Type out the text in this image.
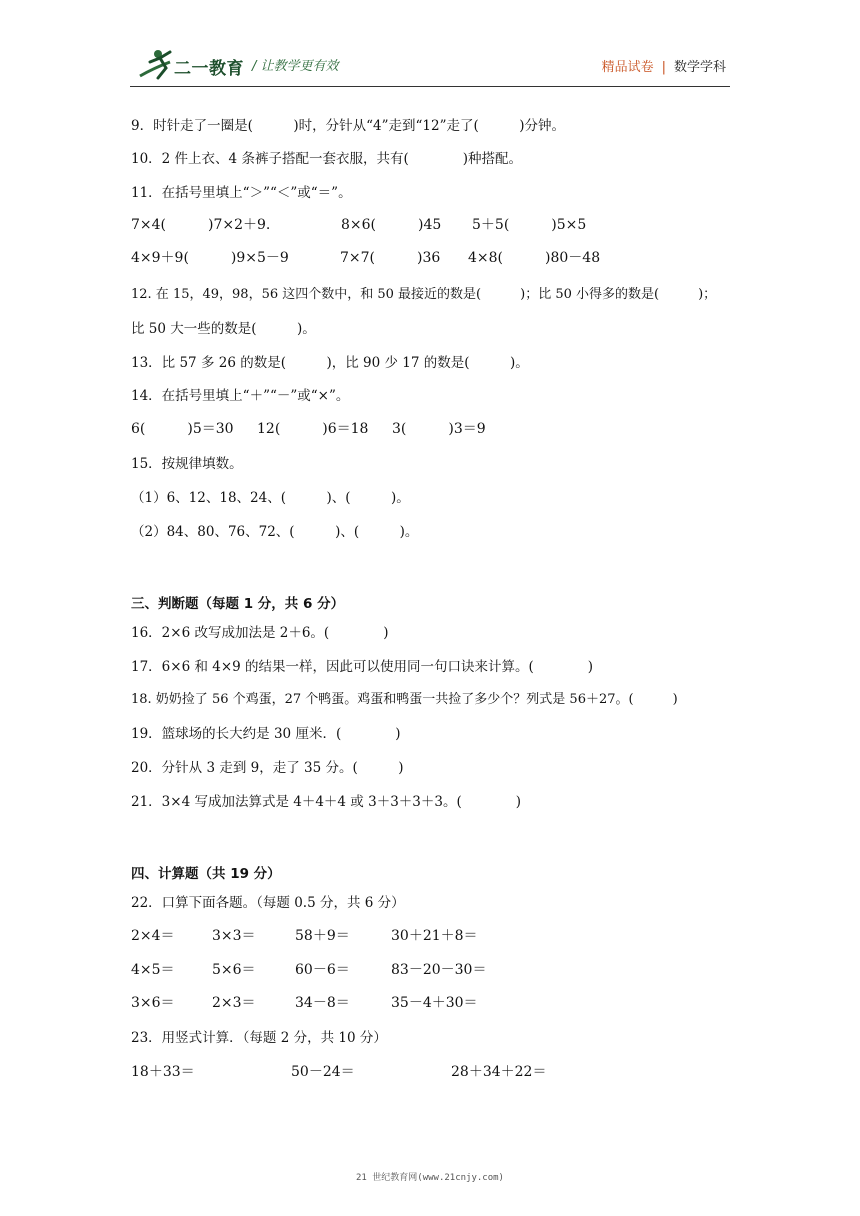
二一教育 / 让教学更有效	精品试卷 | 数学学科
9．时针走了一圈是(　　　)时，分针从“4”走到“12”走了(　　　)分钟。
10．2 件上衣、4 条裤子搭配一套衣服，共有(　　　　)种搭配。
11．在括号里填上“＞”“＜”或“＝”。
7×4(　　　)7×2＋9.	8×6(　　　)45 5＋5(　　　)5×5
4×9＋9(　　　)9×5－9	7×7(　　　)36 4×8(　　　)80－48
12. 在 15，49，98，56 这四个数中，和 50 最接近的数是(　　　)；比 50 小得多的数是(　　　)；
比 50 大一些的数是(　　　)。
13．比 57 多 26 的数是(　　　)，比 90 少 17 的数是(　　　)。
14．在括号里填上“＋”“－”或“×”。
6(　　　)5＝30 12(　　　)6＝18 3(　　　)3＝9
15．按规律填数。
（1）6、12、18、24、(　　　)、(　　　)。
（2）84、80、76、72、(　　　)、(　　　)。
三、判断题（每题 1 分，共 6 分）
16．2×6 改写成加法是 2＋6。(　　　　)
17．6×6 和 4×9 的结果一样，因此可以使用同一句口诀来计算。(　　　　)
18. 奶奶捡了 56 个鸡蛋，27 个鸭蛋。鸡蛋和鸭蛋一共捡了多少个？列式是 56＋27。(　　　)
19．篮球场的长大约是 30 厘米．(　　　　)
20．分针从 3 走到 9，走了 35 分。(　　　)
21．3×4 写成加法算式是 4＋4＋4 或 3＋3＋3＋3。(　　　　)
四、计算题（共 19 分）
22．口算下面各题。（每题 0.5 分，共 6 分）
2×4＝	3×3＝	58＋9＝	30＋21＋8＝
4×5＝	5×6＝	60－6＝	83－20－30＝
3×6＝	2×3＝	34－8＝	35－4＋30＝
23．用竖式计算．（每题 2 分，共 10 分）
18＋33＝	50－24＝	28＋34＋22＝
21 世纪教育网(www.21cnjy.com)
